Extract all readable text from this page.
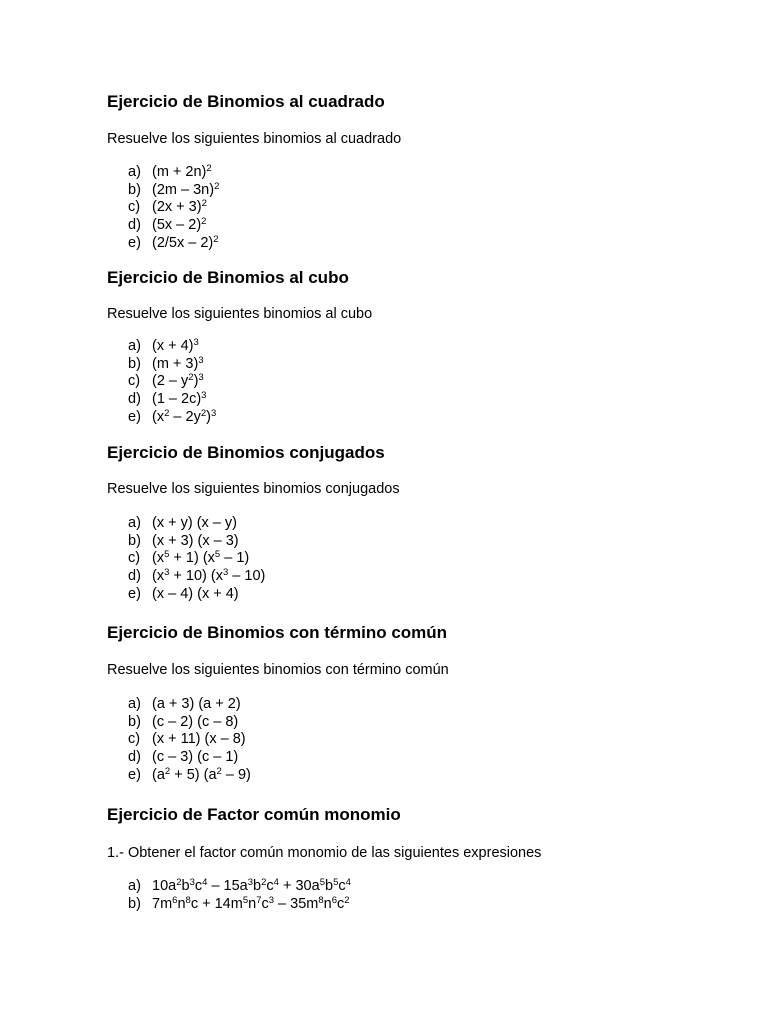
Ejercicio de Binomios al cuadrado

Resuelve los siguientes binomios al cuadrado

a) $(m + 2n)^2$
b) (2m – 3n)$^2$
c) $(2x + 3)^2$
d) (5x – 2)$^2$
e) (2/5x – 2)$^2$
Ejercicio de Binomios al cubo

Resuelve los siguientes binomios al cubo

a) $(x + 4)^3$
b) $(m + 3)^3$
c) $(2 - y^2)^3$
d) (1 – 2c)$^3$
e) $(x^2 - 2y^2)^3$
Ejercicio de Binomios conjugados

Resuelve los siguientes binomios conjugados

a) (x + y) (x – y)
b) (x + 3) (x – 3)
c) $(x^5 + 1)$ $(x^5 - 1)$
d) $(x^3 + 10)$ $(x^3 - 10)$
e) (x – 4) (x + 4)
Ejercicio de Binomios con término común

Resuelve los siguientes binomios con término común

a) (a + 3) (a + 2)
b) (c – 2) (c – 8)
c) (x + 11) (x – 8)
d) (c – 3) (c – 1)
e) $(a^2 + 5)$ $(a^2 - 9)$
Ejercicio de Factor común monomio

1.- Obtener el factor común monomio de las siguientes expresiones

a) $10a^2b^3c^4 - 15a^3b^2c^4 + 30a^5b^5c^4$
b) $7m^6n^8c + 14m^5n^7c^3 - 35m^8n^6c^2$
